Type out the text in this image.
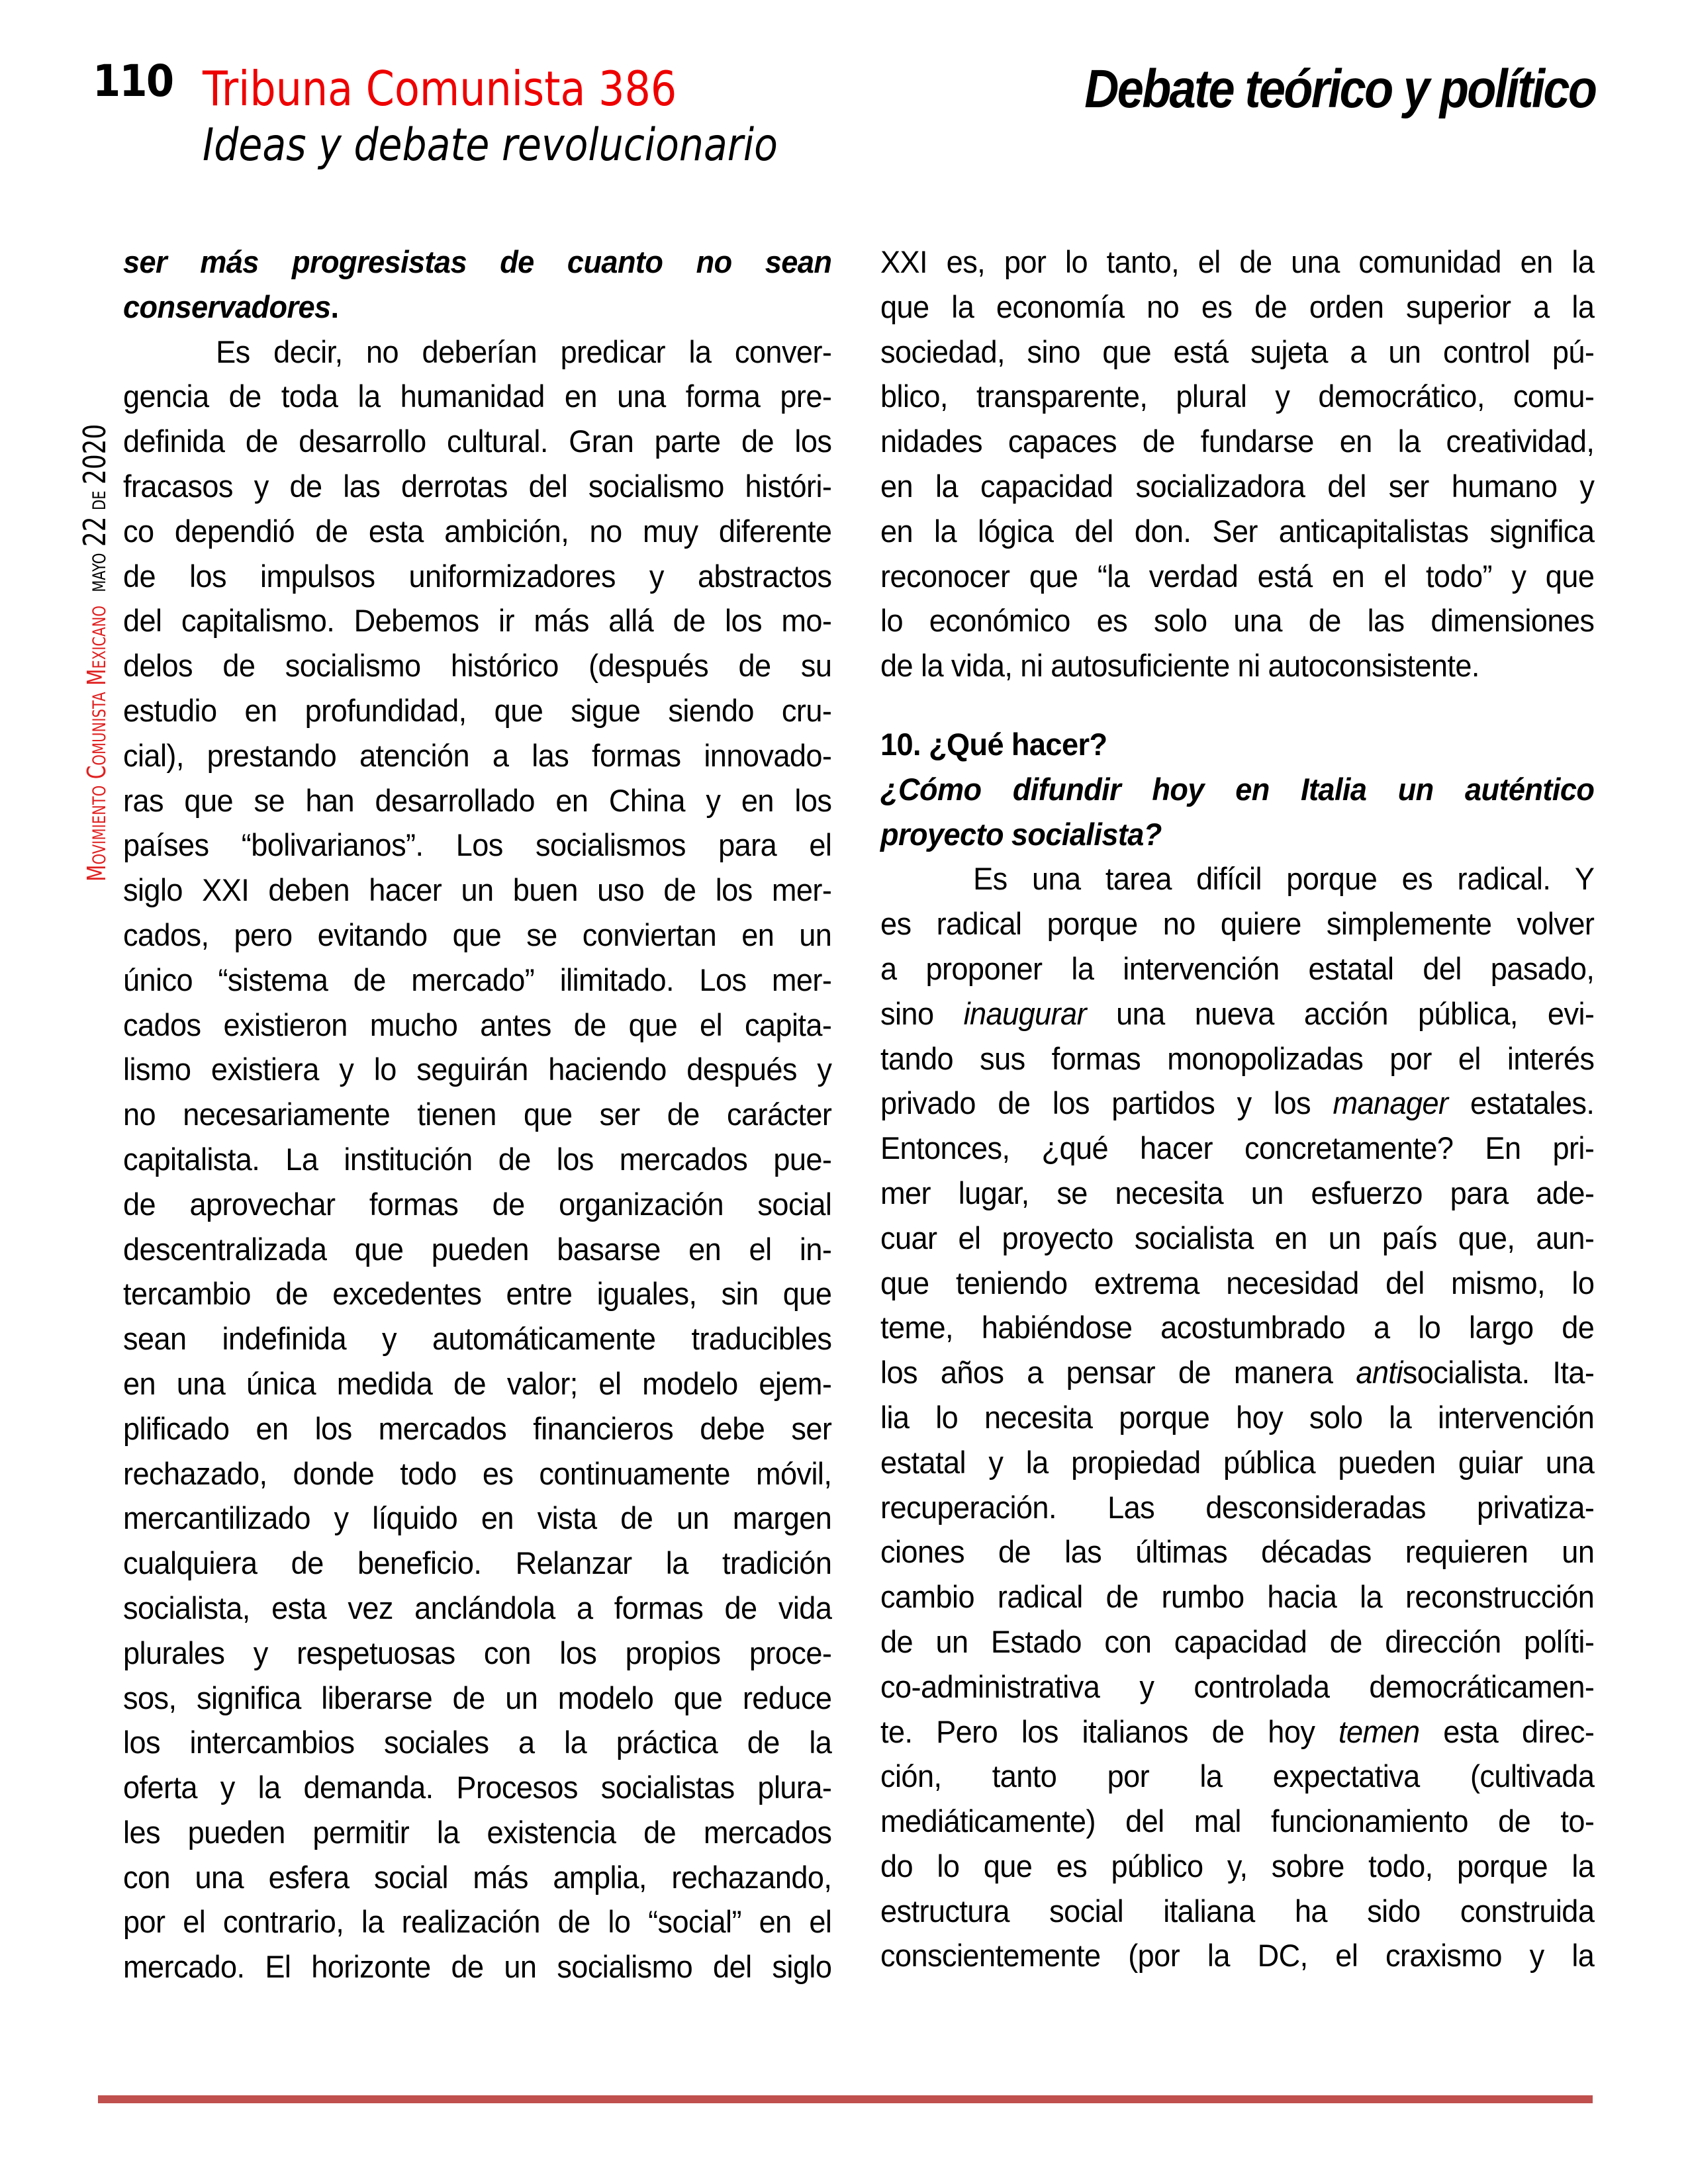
110 Tribuna Comunista 386
Ideas y debate revolucionario
Debate teórico y político
Movimiento Comunista Mexicano mayo 22 de 2020
ser más progresistas de cuanto no sean
conservadores.
Es decir, no deberían predicar la conver-
gencia de toda la humanidad en una forma pre-
definida de desarrollo cultural. Gran parte de los
fracasos y de las derrotas del socialismo históri-
co dependió de esta ambición, no muy diferente
de los impulsos uniformizadores y abstractos
del capitalismo. Debemos ir más allá de los mo-
delos de socialismo histórico (después de su
estudio en profundidad, que sigue siendo cru-
cial), prestando atención a las formas innovado-
ras que se han desarrollado en China y en los
países “bolivarianos”. Los socialismos para el
siglo XXI deben hacer un buen uso de los mer-
cados, pero evitando que se conviertan en un
único “sistema de mercado” ilimitado. Los mer-
cados existieron mucho antes de que el capita-
lismo existiera y lo seguirán haciendo después y
no necesariamente tienen que ser de carácter
capitalista. La institución de los mercados pue-
de aprovechar formas de organización social
descentralizada que pueden basarse en el in-
tercambio de excedentes entre iguales, sin que
sean indefinida y automáticamente traducibles
en una única medida de valor; el modelo ejem-
plificado en los mercados financieros debe ser
rechazado, donde todo es continuamente móvil,
mercantilizado y líquido en vista de un margen
cualquiera de beneficio. Relanzar la tradición
socialista, esta vez anclándola a formas de vida
plurales y respetuosas con los propios proce-
sos, significa liberarse de un modelo que reduce
los intercambios sociales a la práctica de la
oferta y la demanda. Procesos socialistas plura-
les pueden permitir la existencia de mercados
con una esfera social más amplia, rechazando,
por el contrario, la realización de lo “social” en el
mercado. El horizonte de un socialismo del siglo
XXI es, por lo tanto, el de una comunidad en la
que la economía no es de orden superior a la
sociedad, sino que está sujeta a un control pú-
blico, transparente, plural y democrático, comu-
nidades capaces de fundarse en la creatividad,
en la capacidad socializadora del ser humano y
en la lógica del don. Ser anticapitalistas significa
reconocer que “la verdad está en el todo” y que
lo económico es solo una de las dimensiones
de la vida, ni autosuficiente ni autoconsistente.
10. ¿Qué hacer?
¿Cómo difundir hoy en Italia un auténtico
proyecto socialista?
Es una tarea difícil porque es radical. Y
es radical porque no quiere simplemente volver
a proponer la intervención estatal del pasado,
sino inaugurar una nueva acción pública, evi-
tando sus formas monopolizadas por el interés
privado de los partidos y los manager estatales.
Entonces, ¿qué hacer concretamente? En pri-
mer lugar, se necesita un esfuerzo para ade-
cuar el proyecto socialista en un país que, aun-
que teniendo extrema necesidad del mismo, lo
teme, habiéndose acostumbrado a lo largo de
los años a pensar de manera antisocialista. Ita-
lia lo necesita porque hoy solo la intervención
estatal y la propiedad pública pueden guiar una
recuperación. Las desconsideradas privatiza-
ciones de las últimas décadas requieren un
cambio radical de rumbo hacia la reconstrucción
de un Estado con capacidad de dirección políti-
co-administrativa y controlada democráticamen-
te. Pero los italianos de hoy temen esta direc-
ción, tanto por la expectativa (cultivada
mediáticamente) del mal funcionamiento de to-
do lo que es público y, sobre todo, porque la
estructura social italiana ha sido construida
conscientemente (por la DC, el craxismo y la
